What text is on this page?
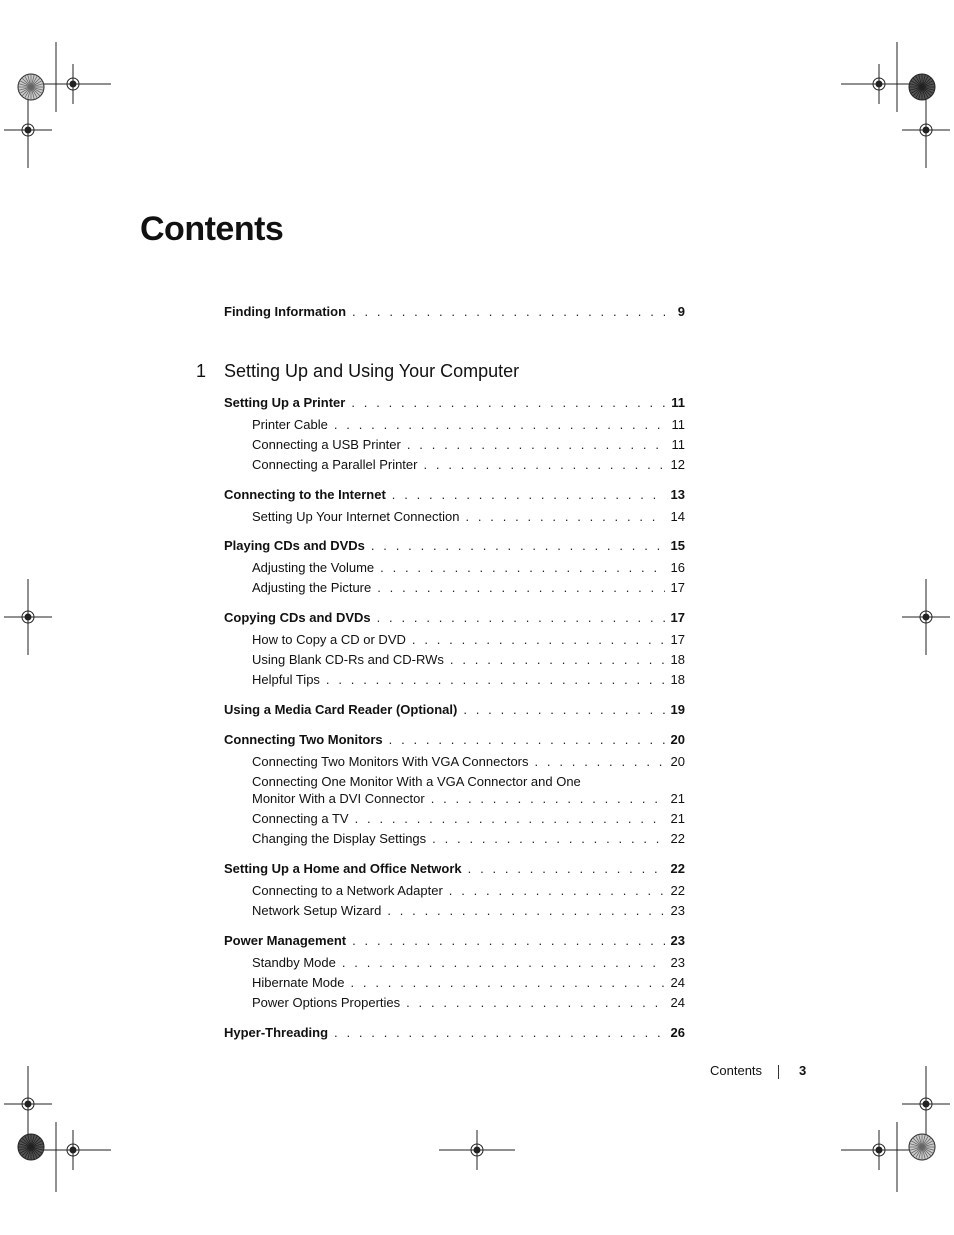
Contents
Finding Information . . .	9
1 Setting Up and Using Your Computer
Setting Up a Printer . . .	11
Printer Cable . . .	11
Connecting a USB Printer . . .	11
Connecting a Parallel Printer . . .	12
Connecting to the Internet . . .	13
Setting Up Your Internet Connection . . .	14
Playing CDs and DVDs . . .	15
Adjusting the Volume . . .	16
Adjusting the Picture . . .	17
Copying CDs and DVDs . . .	17
How to Copy a CD or DVD . . .	17
Using Blank CD-Rs and CD-RWs . . .	18
Helpful Tips . . .	18
Using a Media Card Reader (Optional) . . .	19
Connecting Two Monitors . . .	20
Connecting Two Monitors With VGA Connectors . . .	20
Connecting One Monitor With a VGA Connector and One
Monitor With a DVI Connector . . .	21
Connecting a TV . . .	21
Changing the Display Settings . . .	22
Setting Up a Home and Office Network . . .	22
Connecting to a Network Adapter . . .	22
Network Setup Wizard . . .	23
Power Management . . .	23
Standby Mode . . .	23
Hibernate Mode . . .	24
Power Options Properties . . .	24
Hyper-Threading . . .	26
Contents	3
